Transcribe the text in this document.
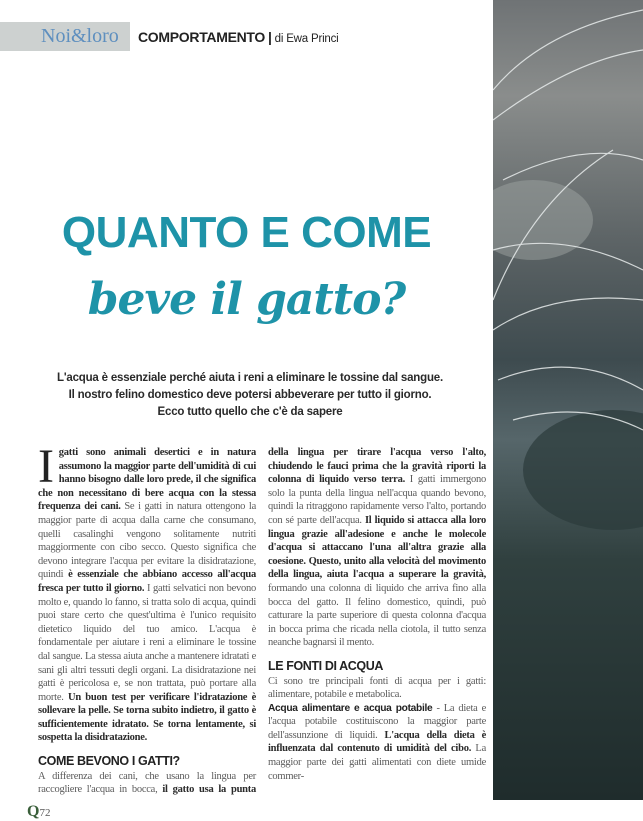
Noi&loro COMPORTAMENTO | di Ewa Princi
QUANTO E COME
beve il gatto?
L'acqua è essenziale perché aiuta i reni a eliminare le tossine dal sangue.
Il nostro felino domestico deve potersi abbeverare per tutto il giorno.
Ecco tutto quello che c'è da sapere

Igatti sono animali desertici e in natura assumono la maggior parte dell'umidità di cui hanno bisogno dalle loro prede, il che significa che non necessitano di bere acqua con la stessa frequenza dei cani. Se i gatti in natura ottengono la maggior parte di acqua dalla carne che consumano, quelli casalinghi vengono solitamente nutriti maggiormente con cibo secco. Questo significa che devono integrare l'acqua per evitare la disidratazione, quindi è essenziale che abbiano accesso all'acqua fresca per tutto il giorno. I gatti selvatici non bevono molto e, quando lo fanno, si tratta solo di acqua, quindi puoi stare certo che quest'ultima è l'unico requisito dietetico liquido del tuo amico. L'acqua è fondamentale per aiutare i reni a eliminare le tossine dal sangue. La stessa aiuta anche a mantenere idratati e sani gli altri tessuti degli organi. La disidratazione nei gatti è pericolosa e, se non trattata, può portare alla morte. Un buon test per verificare l'idratazione è sollevare la pelle. Se torna subito indietro, il gatto è sufficientemente idratato. Se torna lentamente, si sospetta la disidratazione.

COME BEVONO I GATTI?

A differenza dei cani, che usano la lingua per raccogliere l'acqua in bocca, il gatto usa la punta della lingua per tirare l'acqua verso l'alto, chiudendo le fauci prima che la gravità riporti la colonna di liquido verso terra. I gatti immergono solo la punta della lingua nell'acqua quando bevono, quindi la ritraggono rapidamente verso l'alto, portando con sé parte dell'acqua. Il liquido si attacca alla loro lingua grazie all'adesione e anche le molecole d'acqua si attaccano l'una all'altra grazie alla coesione. Questo, unito alla velocità del movimento della lingua, aiuta l'acqua a superare la gravità, formando una colonna di liquido che arriva fino alla bocca del gatto. Il felino domestico, quindi, può catturare la parte superiore di questa colonna d'acqua in bocca prima che ricada nella ciotola, il tutto senza neanche bagnarsi il mento.

LE FONTI DI ACQUA

Ci sono tre principali fonti di acqua per i gatti: alimentare, potabile e metabolica.

Acqua alimentare e acqua potabile - La dieta e l'acqua potabile costituiscono la maggior parte dell'assunzione di liquidi. L'acqua della dieta è influenzata dal contenuto di umidità del cibo. La maggior parte dei gatti alimentati con diete umide commer-

Q72
